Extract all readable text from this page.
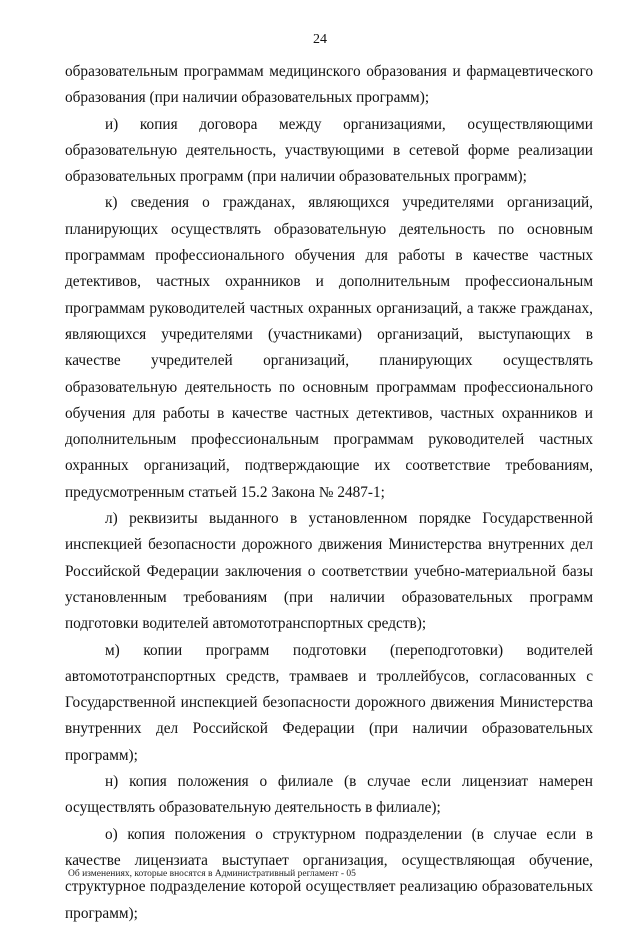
24

образовательным программам медицинского образования и фармацевтического образования (при наличии образовательных программ);

и) копия договора между организациями, осуществляющими образовательную деятельность, участвующими в сетевой форме реализации образовательных программ (при наличии образовательных программ);

к) сведения о гражданах, являющихся учредителями организаций, планирующих осуществлять образовательную деятельность по основным программам профессионального обучения для работы в качестве частных детективов, частных охранников и дополнительным профессиональным программам руководителей частных охранных организаций, а также гражданах, являющихся учредителями (участниками) организаций, выступающих в качестве учредителей организаций, планирующих осуществлять образовательную деятельность по основным программам профессионального обучения для работы в качестве частных детективов, частных охранников и дополнительным профессиональным программам руководителей частных охранных организаций, подтверждающие их соответствие требованиям, предусмотренным статьей 15.2 Закона № 2487-1;

л) реквизиты выданного в установленном порядке Государственной инспекцией безопасности дорожного движения Министерства внутренних дел Российской Федерации заключения о соответствии учебно-материальной базы установленным требованиям (при наличии образовательных программ подготовки водителей автомототранспортных средств);

м) копии программ подготовки (переподготовки) водителей автомототранспортных средств, трамваев и троллейбусов, согласованных с Государственной инспекцией безопасности дорожного движения Министерства внутренних дел Российской Федерации (при наличии образовательных программ);

н) копия положения о филиале (в случае если лицензиат намерен осуществлять образовательную деятельность в филиале);

о) копия положения о структурном подразделении (в случае если в качестве лицензиата выступает организация, осуществляющая обучение, структурное подразделение которой осуществляет реализацию образовательных программ);

Об изменениях, которые вносятся в Административный регламент - 05
